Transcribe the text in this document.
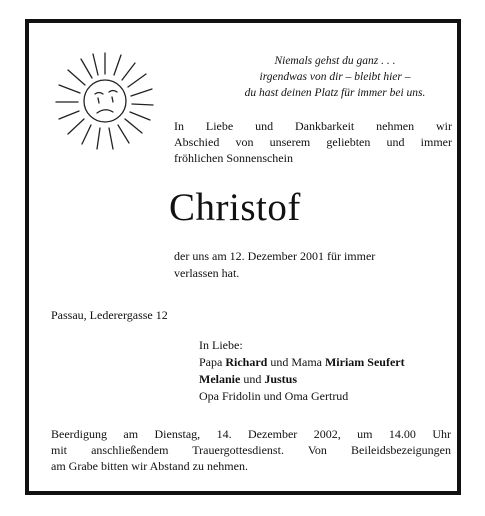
Niemals gehst du ganz . . .
irgendwas von dir – bleibt hier –
du hast deinen Platz für immer bei uns.
In Liebe und Dankbarkeit nehmen wir
Abschied von unserem geliebten und immer
fröhlichen Sonnenschein
Christof
der uns am 12. Dezember 2001 für immer
verlassen hat.
Passau, Lederergasse 12
In Liebe:
Papa Richard und Mama Miriam Seufert
Melanie und Justus
Opa Fridolin und Oma Gertrud
Beerdigung am Dienstag, 14. Dezember 2002, um 14.00 Uhr
mit anschließendem Trauergottesdienst. Von Beileidsbezeigungen
am Grabe bitten wir Abstand zu nehmen.
